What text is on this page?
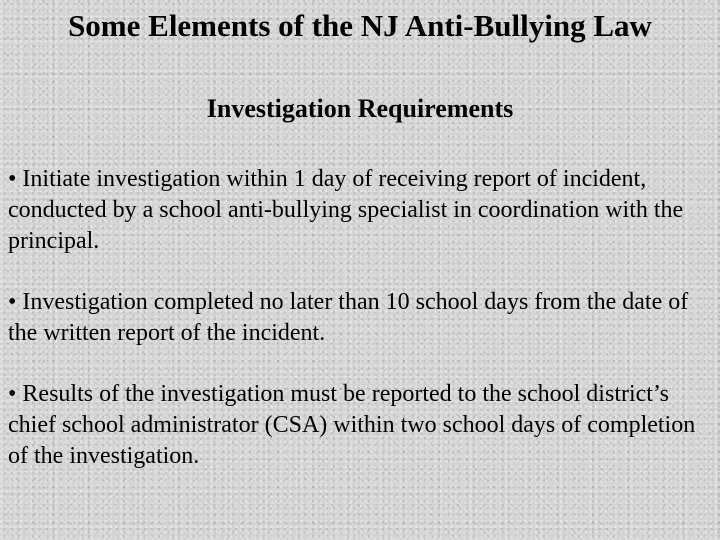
Some Elements of the NJ Anti-Bullying Law
Investigation Requirements
• Initiate investigation within 1 day of receiving report of incident, conducted by a school anti-bullying specialist in coordination with the principal.
• Investigation completed no later than 10 school days from the date of the written report of the incident.
• Results of the investigation must be reported to the school district’s chief school administrator (CSA) within two school days of completion of the investigation.
